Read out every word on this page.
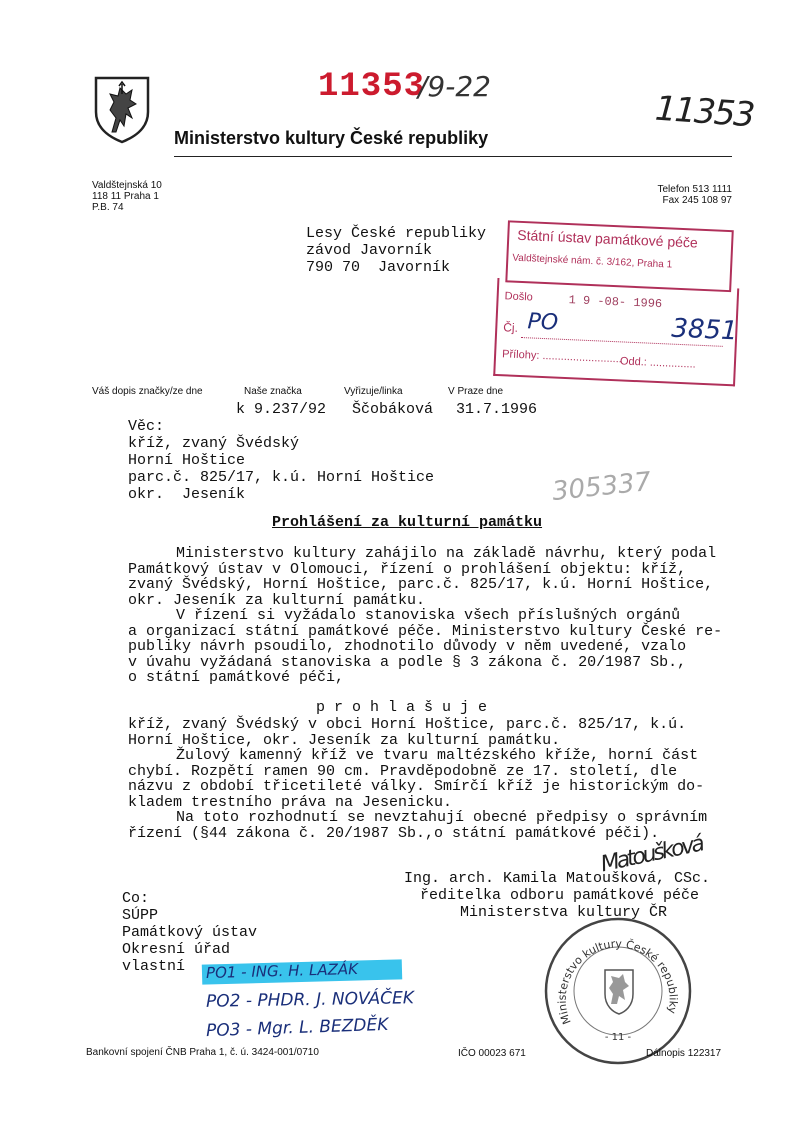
11353
/9-22
11353
Ministerstvo kultury České republiky
Valdštejnská 10
118 11 Praha 1
P.B. 74
Telefon 513 1111
Fax 245 108 97
Lesy České republiky
závod Javorník
790 70  Javorník
Státní ústav památkové péče
Valdštejnské nám. č. 3/162, Praha 1
Došlo	1 9 -08- 1996
Čj. PO	3851
Přílohy: ..........................
Odd.: ...............
Váš dopis značky/ze dne	Naše značka	Vyřizuje/linka	V Praze dne
k 9.237/92 Ščobáková 31.7.1996
Věc:
kříž, zvaný Švédský
Horní Hoštice
parc.č. 825/17, k.ú. Horní Hoštice
okr.  Jeseník	305337
Prohlášení za kulturní památku
Ministerstvo kultury zahájilo na základě návrhu, který podal
Památkový ústav v Olomouci, řízení o prohlášení objektu: kříž,
zvaný Švédský, Horní Hoštice, parc.č. 825/17, k.ú. Horní Hoštice,
okr. Jeseník za kulturní památku.
V řízení si vyžádalo stanoviska všech příslušných orgánů
a organizací státní památkové péče. Ministerstvo kultury České re-
publiky návrh psoudilo, zhodnotilo důvody v něm uvedené, vzalo
v úvahu vyžádaná stanoviska a podle § 3 zákona č. 20/1987 Sb.,
o státní památkové péči,
p r o h l a š u j e
kříž, zvaný Švédský v obci Horní Hoštice, parc.č. 825/17, k.ú.
Horní Hoštice, okr. Jeseník za kulturní památku.
Žulový kamenný kříž ve tvaru maltézského kříže, horní část
chybí. Rozpětí ramen 90 cm. Pravděpodobně ze 17. století, dle
názvu z období třicetileté války. Smírčí kříž je historickým do-
kladem trestního práva na Jesenicku.
Na toto rozhodnutí se nevztahují obecné předpisy o správním
řízení (§44 zákona č. 20/1987 Sb.,o státní památkové péči).
Matoušková
Ing. arch. Kamila Matoušková, CSc.
ředitelka odboru památkové péče
Ministerstva kultury ČR
Co:
SÚPP
Památkový ústav
Okresní úřad
vlastní	PO1 - ING. H. LAZÁK
PO2 - PHDR. J. NOVÁČEK
PO3 - Mgr. L. BEZDĚK	Ministerstvo kultury České republiky
- 11 -
Bankovní spojení ČNB Praha 1, č. ú. 3424-001/0710	IČO 00023 671	Dálnopis 122317
